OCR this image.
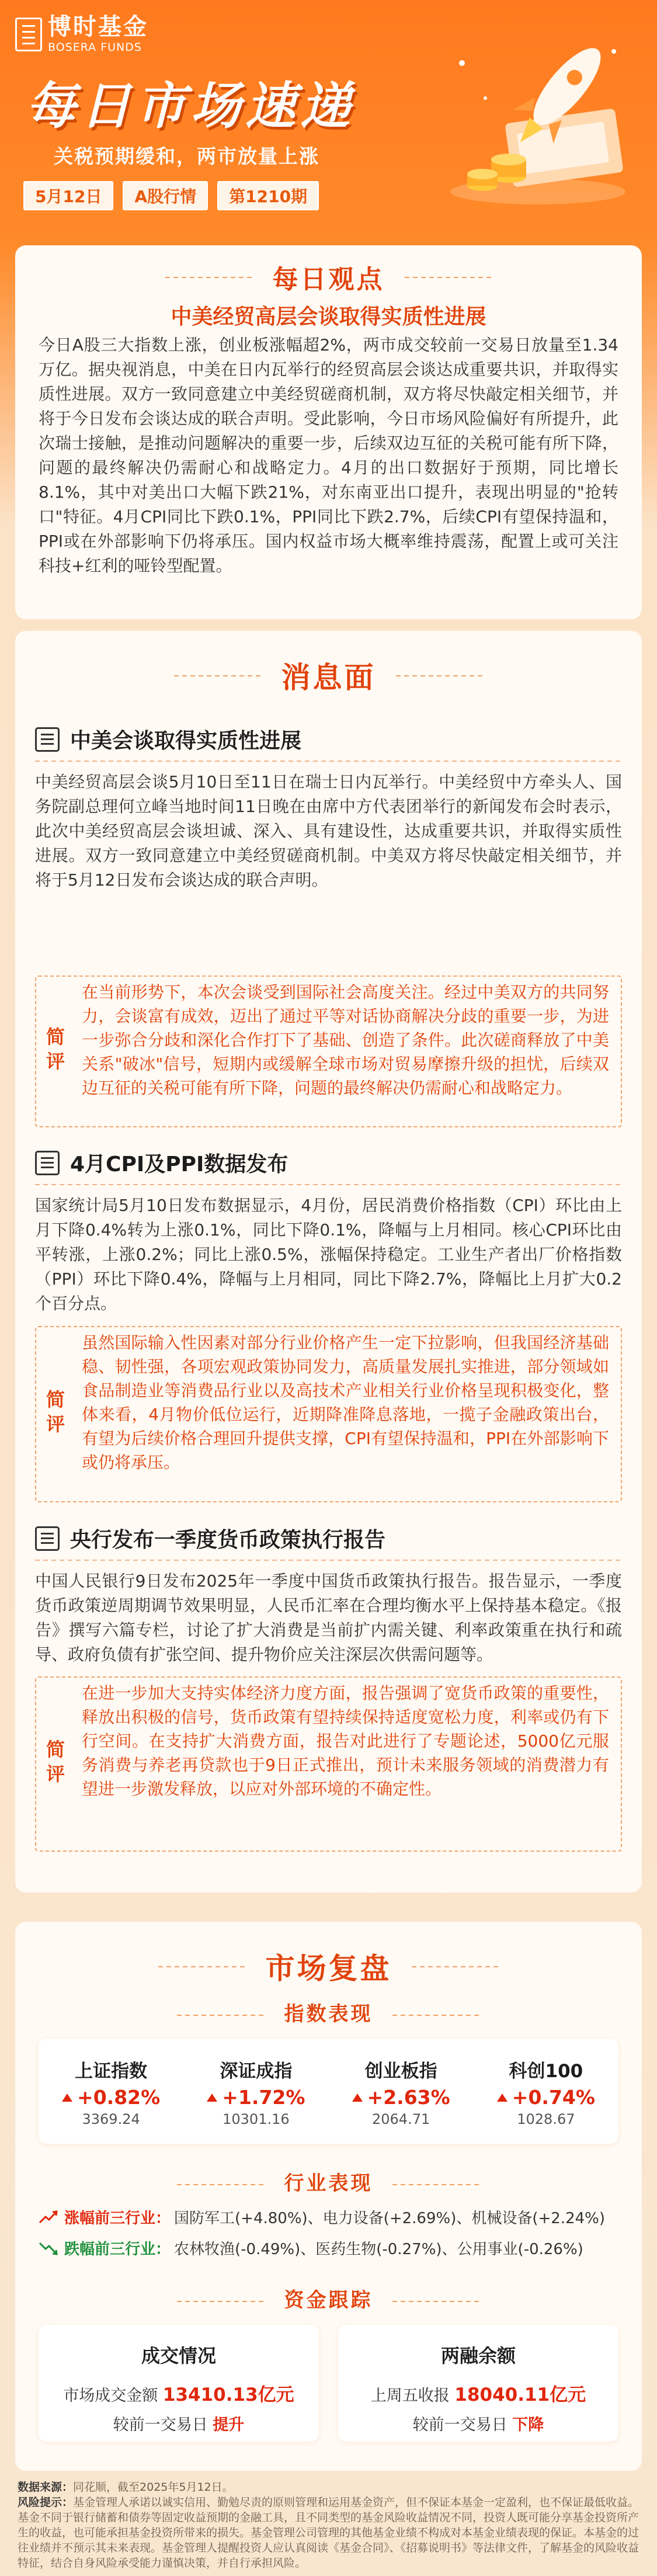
博时基金
BOSERA FUNDS
每日市场速递
关税预期缓和，两市放量上涨
5月12日	A股行情	第1210期
每日观点
中美经贸高层会谈取得实质性进展
今日A股三大指数上涨，创业板涨幅超2%，两市成交较前一交易日放量至1.34万亿。据央视消息，中美在日内瓦举行的经贸高层会谈达成重要共识，并取得实质性进展。双方一致同意建立中美经贸磋商机制，双方将尽快敲定相关细节，并将于今日发布会谈达成的联合声明。受此影响，今日市场风险偏好有所提升，此次瑞士接触，是推动问题解决的重要一步，后续双边互征的关税可能有所下降，问题的最终解决仍需耐心和战略定力。4月的出口数据好于预期，同比增长8.1%，其中对美出口大幅下跌21%，对东南亚出口提升，表现出明显的"抢转口"特征。4月CPI同比下跌0.1%，PPI同比下跌2.7%，后续CPI有望保持温和，PPI或在外部影响下仍将承压。国内权益市场大概率维持震荡，配置上或可关注科技+红利的哑铃型配置。
消息面
中美会谈取得实质性进展
中美经贸高层会谈5月10日至11日在瑞士日内瓦举行。中美经贸中方牵头人、国务院副总理何立峰当地时间11日晚在由席中方代表团举行的新闻发布会时表示，此次中美经贸高层会谈坦诚、深入、具有建设性，达成重要共识，并取得实质性进展。双方一致同意建立中美经贸磋商机制。中美双方将尽快敲定相关细节，并将于5月12日发布会谈达成的联合声明。
简评
在当前形势下，本次会谈受到国际社会高度关注。经过中美双方的共同努力，会谈富有成效，迈出了通过平等对话协商解决分歧的重要一步，为进一步弥合分歧和深化合作打下了基础、创造了条件。此次磋商释放了中美关系"破冰"信号，短期内或缓解全球市场对贸易摩擦升级的担忧，后续双边互征的关税可能有所下降，问题的最终解决仍需耐心和战略定力。
4月CPI及PPI数据发布
国家统计局5月10日发布数据显示，4月份，居民消费价格指数（CPI）环比由上月下降0.4%转为上涨0.1%，同比下降0.1%，降幅与上月相同。核心CPI环比由平转涨，上涨0.2%；同比上涨0.5%，涨幅保持稳定。工业生产者出厂价格指数（PPI）环比下降0.4%，降幅与上月相同，同比下降2.7%，降幅比上月扩大0.2个百分点。
简评
虽然国际输入性因素对部分行业价格产生一定下拉影响，但我国经济基础稳、韧性强，各项宏观政策协同发力，高质量发展扎实推进，部分领域如食品制造业等消费品行业以及高技术产业相关行业价格呈现积极变化，整体来看，4月物价低位运行，近期降准降息落地，一揽子金融政策出台，有望为后续价格合理回升提供支撑，CPI有望保持温和，PPI在外部影响下或仍将承压。
央行发布一季度货币政策执行报告
中国人民银行9日发布2025年一季度中国货币政策执行报告。报告显示，一季度货币政策逆周期调节效果明显，人民币汇率在合理均衡水平上保持基本稳定。《报告》撰写六篇专栏，讨论了扩大消费是当前扩内需关键、利率政策重在执行和疏导、政府负债有扩张空间、提升物价应关注深层次供需问题等。
简评
在进一步加大支持实体经济力度方面，报告强调了宽货币政策的重要性，释放出积极的信号，货币政策有望持续保持适度宽松力度，利率或仍有下行空间。在支持扩大消费方面，报告对此进行了专题论述，5000亿元服务消费与养老再贷款也于9日正式推出，预计未来服务领域的消费潜力有望进一步激发释放，以应对外部环境的不确定性。
市场复盘
指数表现
上证指数
+0.82%
3369.24
深证成指
+1.72%
10301.16
创业板指
+2.63%
2064.71
科创100
+0.74%
1028.67
行业表现
涨幅前三行业： 国防军工(+4.80%)、电力设备(+2.69%)、机械设备(+2.24%)
跌幅前三行业： 农林牧渔(-0.49%)、医药生物(-0.27%)、公用事业(-0.26%)
资金跟踪
成交情况
市场成交金额 13410.13亿元
较前一交易日 提升
两融余额
上周五收报 18040.11亿元
较前一交易日 下降
数据来源：同花顺，截至2025年5月12日。
风险提示：基金管理人承诺以诚实信用、勤勉尽责的原则管理和运用基金资产，但不保证本基金一定盈利，也不保证最低收益。基金不同于银行储蓄和债券等固定收益预期的金融工具，且不同类型的基金风险收益情况不同，投资人既可能分享基金投资所产生的收益，也可能承担基金投资所带来的损失。基金管理公司管理的其他基金业绩不构成对本基金业绩表现的保证。本基金的过往业绩并不预示其未来表现。基金管理人提醒投资人应认真阅读《基金合同》、《招募说明书》等法律文件，了解基金的风险收益特征，结合自身风险承受能力谨慎决策，并自行承担风险。
